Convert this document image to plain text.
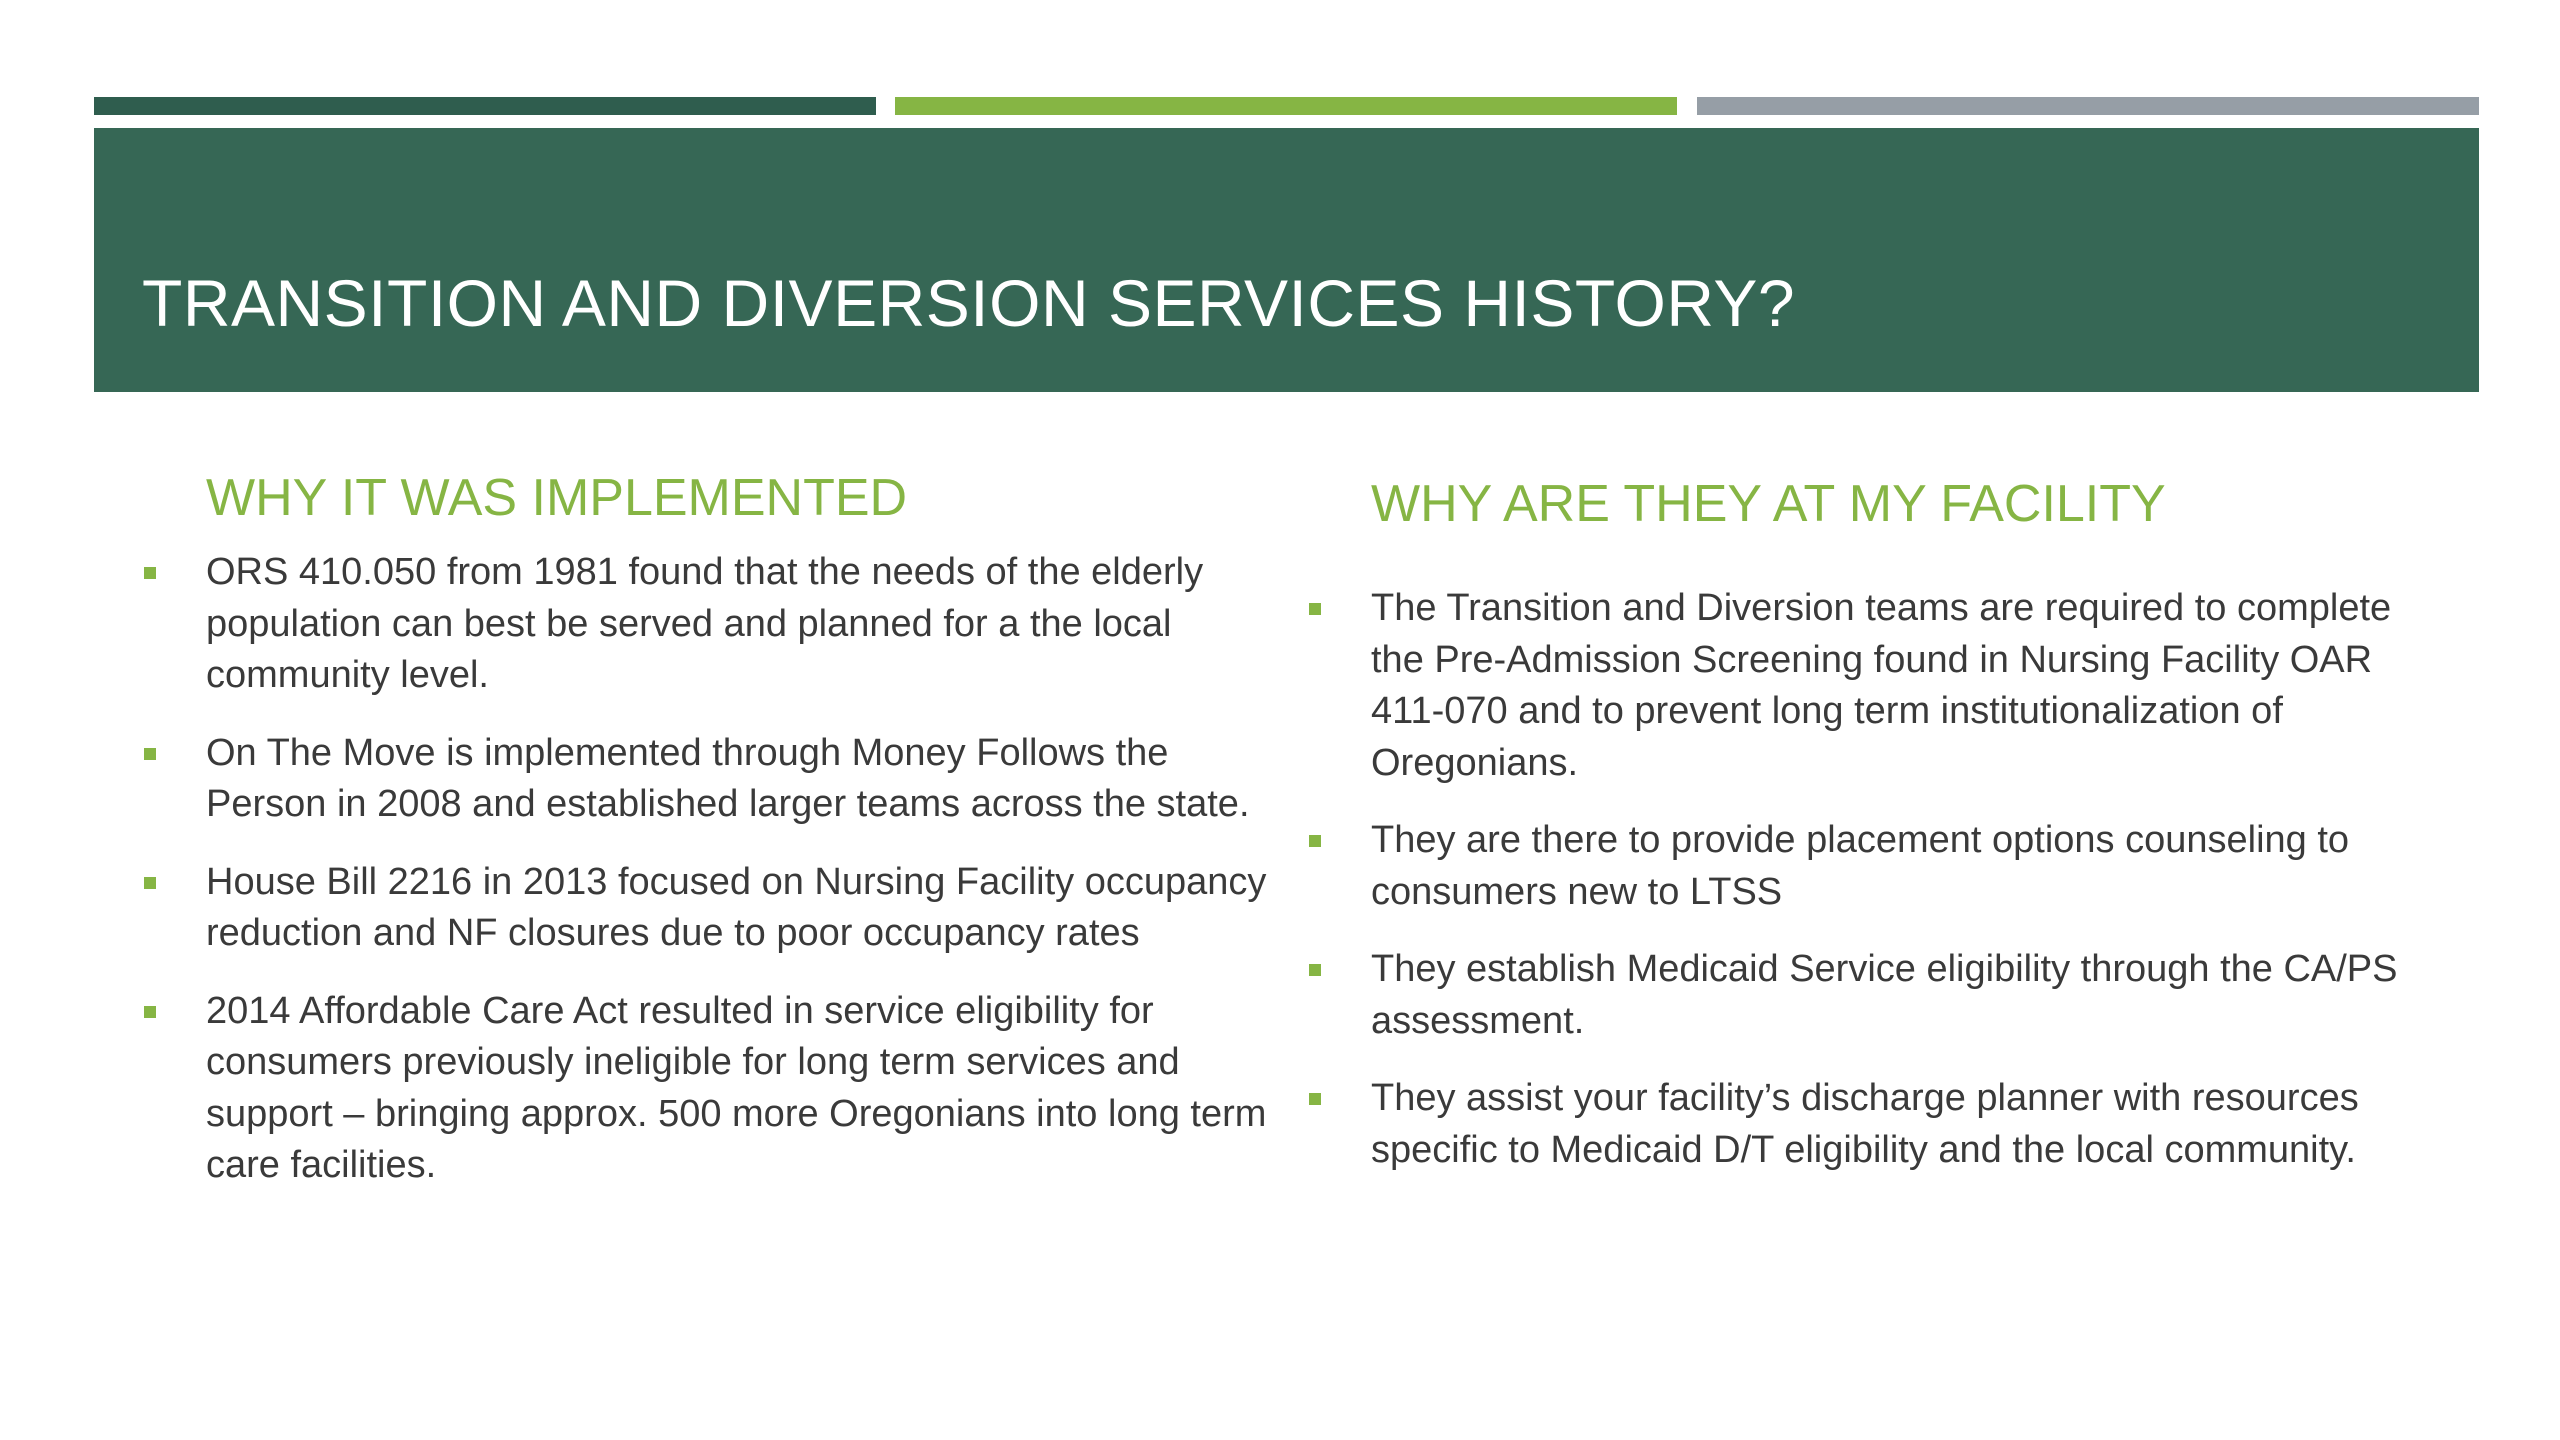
TRANSITION AND DIVERSION SERVICES HISTORY?
WHY IT WAS IMPLEMENTED
ORS 410.050 from 1981 found that the needs of the elderly population can best be served and planned for a the local community level.
On The Move is implemented through Money Follows the Person in 2008 and established larger teams across the state.
House Bill 2216 in 2013 focused on Nursing Facility occupancy reduction and NF closures due to poor occupancy rates
2014 Affordable Care Act resulted in service eligibility for consumers previously ineligible for long term services and support – bringing approx. 500 more Oregonians into long term care facilities.
WHY ARE THEY AT MY FACILITY
The Transition and Diversion teams are required to complete the Pre-Admission Screening found in Nursing Facility OAR 411-070 and to prevent long term institutionalization of Oregonians.
They are there to provide placement options counseling to consumers new to LTSS
They establish Medicaid Service eligibility through the CA/PS assessment.
They assist your facility’s discharge planner with resources specific to Medicaid D/T eligibility and the local community.
